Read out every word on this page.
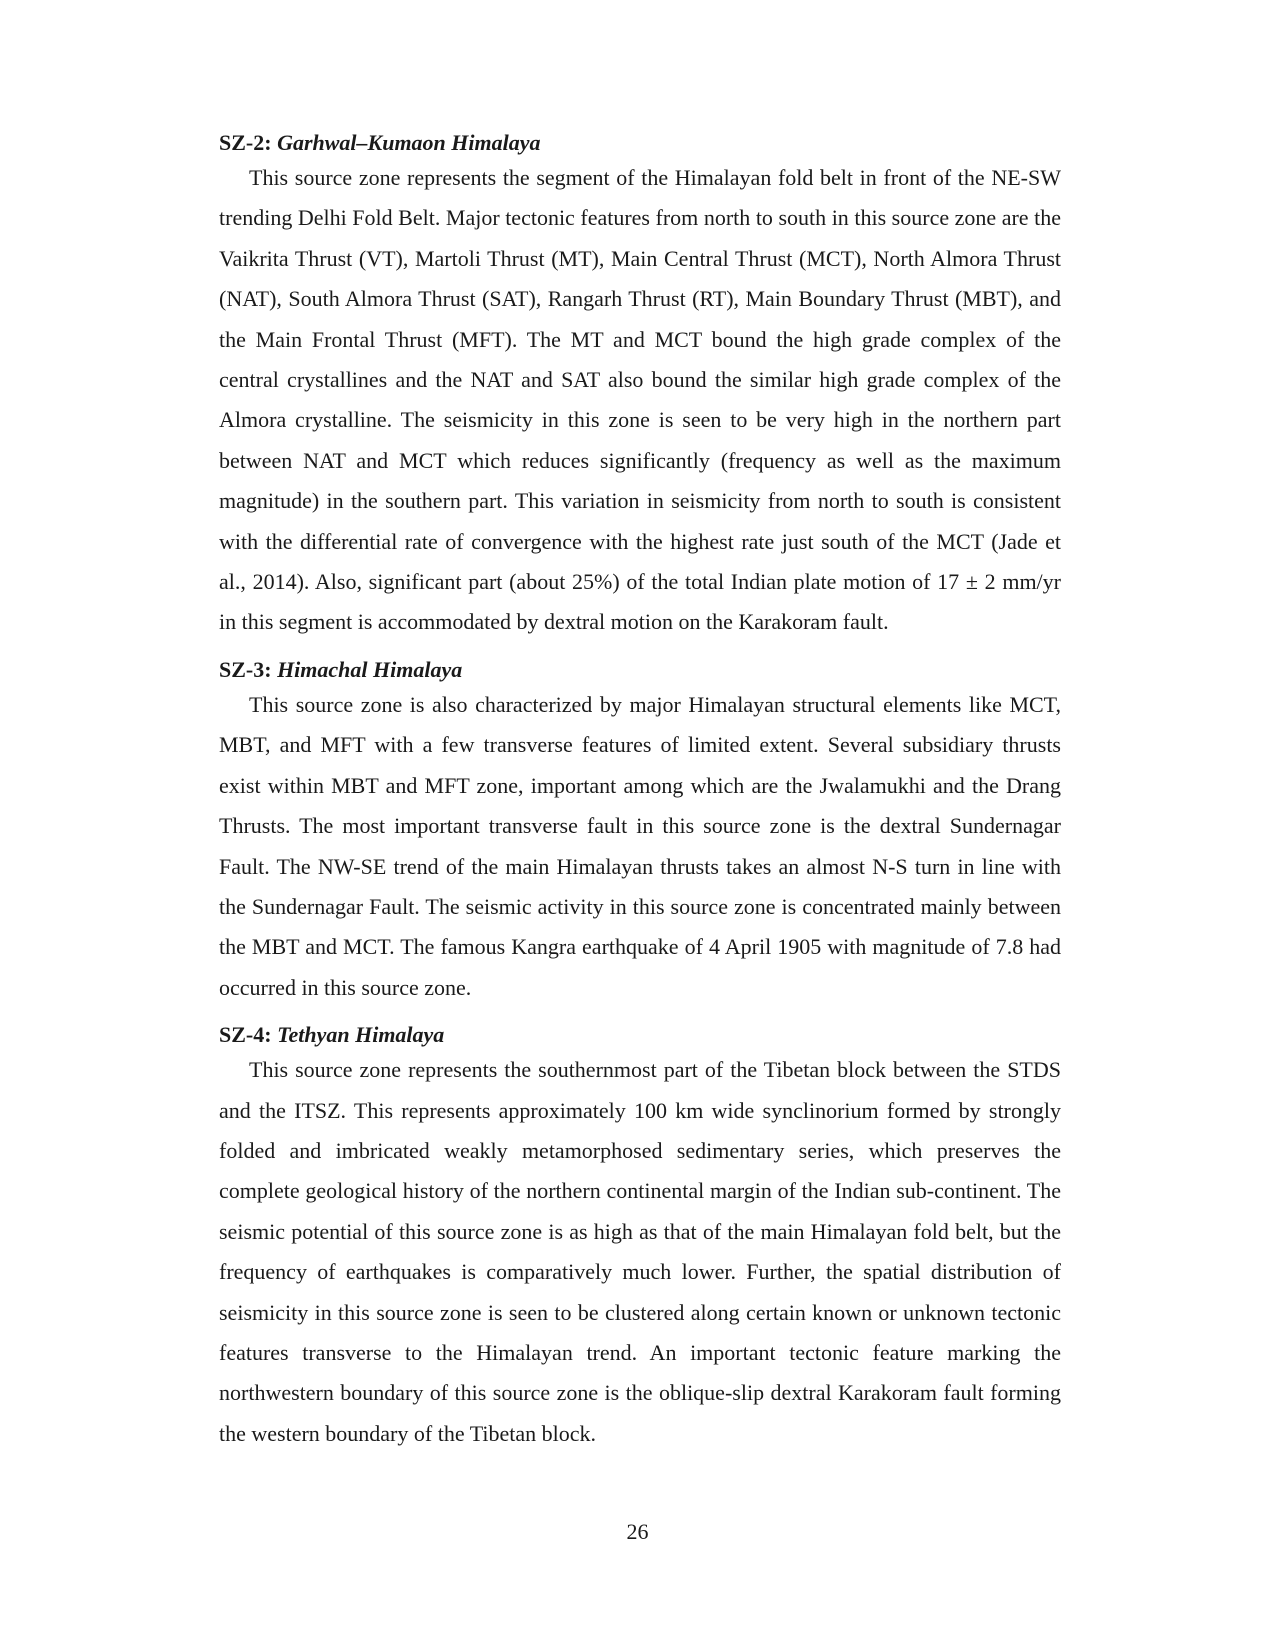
SZ-2: Garhwal–Kumaon Himalaya

This source zone represents the segment of the Himalayan fold belt in front of the NE-SW trending Delhi Fold Belt. Major tectonic features from north to south in this source zone are the Vaikrita Thrust (VT), Martoli Thrust (MT), Main Central Thrust (MCT), North Almora Thrust (NAT), South Almora Thrust (SAT), Rangarh Thrust (RT), Main Boundary Thrust (MBT), and the Main Frontal Thrust (MFT). The MT and MCT bound the high grade complex of the central crystallines and the NAT and SAT also bound the similar high grade complex of the Almora crystalline. The seismicity in this zone is seen to be very high in the northern part between NAT and MCT which reduces significantly (frequency as well as the maximum magnitude) in the southern part. This variation in seismicity from north to south is consistent with the differential rate of convergence with the highest rate just south of the MCT (Jade et al., 2014). Also, significant part (about 25%) of the total Indian plate motion of 17 ± 2 mm/yr in this segment is accommodated by dextral motion on the Karakoram fault.

SZ-3: Himachal Himalaya

This source zone is also characterized by major Himalayan structural elements like MCT, MBT, and MFT with a few transverse features of limited extent. Several subsidiary thrusts exist within MBT and MFT zone, important among which are the Jwalamukhi and the Drang Thrusts. The most important transverse fault in this source zone is the dextral Sundernagar Fault. The NW-SE trend of the main Himalayan thrusts takes an almost N-S turn in line with the Sundernagar Fault. The seismic activity in this source zone is concentrated mainly between the MBT and MCT. The famous Kangra earthquake of 4 April 1905 with magnitude of 7.8 had occurred in this source zone.

SZ-4: Tethyan Himalaya

This source zone represents the southernmost part of the Tibetan block between the STDS and the ITSZ. This represents approximately 100 km wide synclinorium formed by strongly folded and imbricated weakly metamorphosed sedimentary series, which preserves the complete geological history of the northern continental margin of the Indian sub-continent. The seismic potential of this source zone is as high as that of the main Himalayan fold belt, but the frequency of earthquakes is comparatively much lower. Further, the spatial distribution of seismicity in this source zone is seen to be clustered along certain known or unknown tectonic features transverse to the Himalayan trend. An important tectonic feature marking the northwestern boundary of this source zone is the oblique-slip dextral Karakoram fault forming the western boundary of the Tibetan block.

26
